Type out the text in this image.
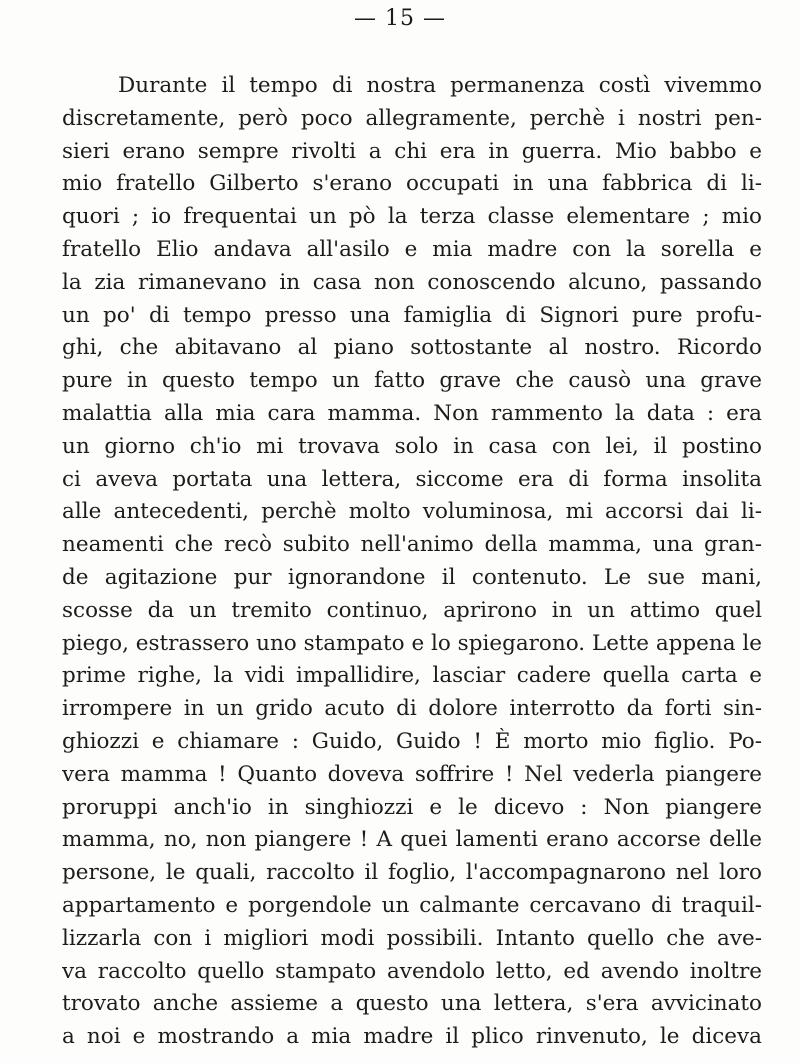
— 15 —
Durante il tempo di nostra permanenza costì vivemmo
discretamente, però poco allegramente, perchè i nostri pen-
sieri erano sempre rivolti a chi era in guerra. Mio babbo e
mio fratello Gilberto s'erano occupati in una fabbrica di li-
quori ; io frequentai un pò la terza classe elementare ; mio
fratello Elio andava all'asilo e mia madre con la sorella e
la zia rimanevano in casa non conoscendo alcuno, passando
un po' di tempo presso una famiglia di Signori pure profu-
ghi, che abitavano al piano sottostante al nostro. Ricordo
pure in questo tempo un fatto grave che causò una grave
malattia alla mia cara mamma. Non rammento la data : era
un giorno ch'io mi trovava solo in casa con lei, il postino
ci aveva portata una lettera, siccome era di forma insolita
alle antecedenti, perchè molto voluminosa, mi accorsi dai li-
neamenti che recò subito nell'animo della mamma, una gran-
de agitazione pur ignorandone il contenuto. Le sue mani,
scosse da un tremito continuo, aprirono in un attimo quel
piego, estrassero uno stampato e lo spiegarono. Lette appena le
prime righe, la vidi impallidire, lasciar cadere quella carta e
irrompere in un grido acuto di dolore interrotto da forti sin-
ghiozzi e chiamare : Guido, Guido ! È morto mio figlio. Po-
vera mamma ! Quanto doveva soffrire ! Nel vederla piangere
proruppi anch'io in singhiozzi e le dicevo : Non piangere
mamma, no, non piangere ! A quei lamenti erano accorse delle
persone, le quali, raccolto il foglio, l'accompagnarono nel loro
appartamento e porgendole un calmante cercavano di traquil-
lizzarla con i migliori modi possibili. Intanto quello che ave-
va raccolto quello stampato avendolo letto, ed avendo inoltre
trovato anche assieme a questo una lettera, s'era avvicinato
a noi e mostrando a mia madre il plico rinvenuto, le diceva
